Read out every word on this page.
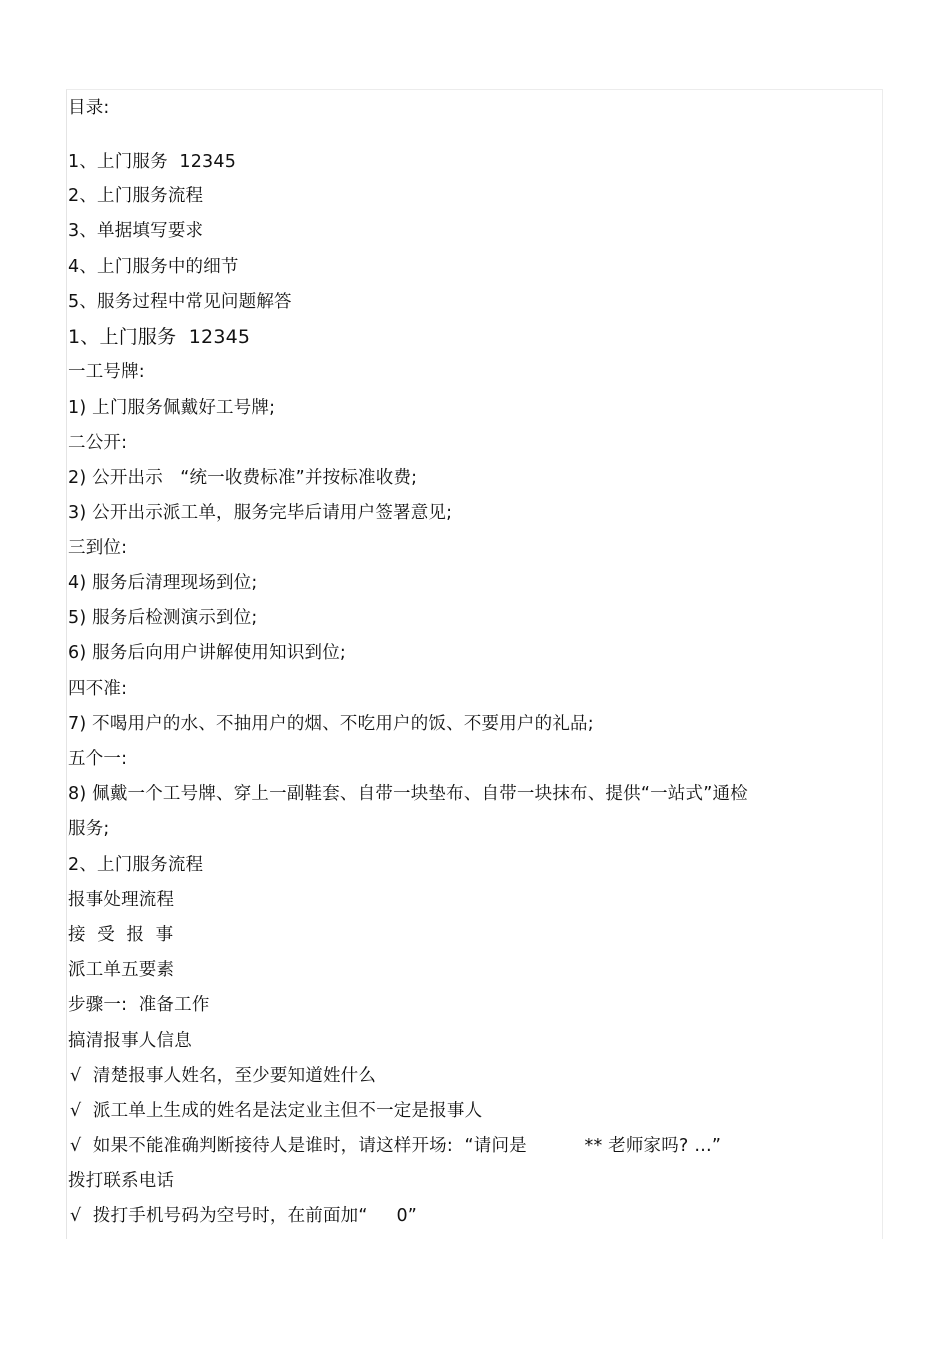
目录:
1、上门服务  12345
2、上门服务流程
3、单据填写要求
4、上门服务中的细节
5、服务过程中常见问题解答
1、上门服务  12345
一工号牌:
1) 上门服务佩戴好工号牌;
二公开:
2) 公开出示   “统一收费标准”并按标准收费;
3) 公开出示派工单，服务完毕后请用户签署意见;
三到位:
4) 服务后清理现场到位;
5) 服务后检测演示到位;
6) 服务后向用户讲解使用知识到位;
四不准:
7) 不喝用户的水、不抽用户的烟、不吃用户的饭、不要用户的礼品;
五个一:
8) 佩戴一个工号牌、穿上一副鞋套、自带一块垫布、自带一块抹布、提供“一站式”通检
服务;
2、上门服务流程
报事处理流程
接  受  报  事
派工单五要素
步骤一:  准备工作
搞清报事人信息
√  清楚报事人姓名，至少要知道姓什么
√  派工单上生成的姓名是法定业主但不一定是报事人
√  如果不能准确判断接待人是谁时，请这样开场:  “请问是          ** 老师家吗? …”
拨打联系电话
√  拨打手机号码为空号时，在前面加“     0”
